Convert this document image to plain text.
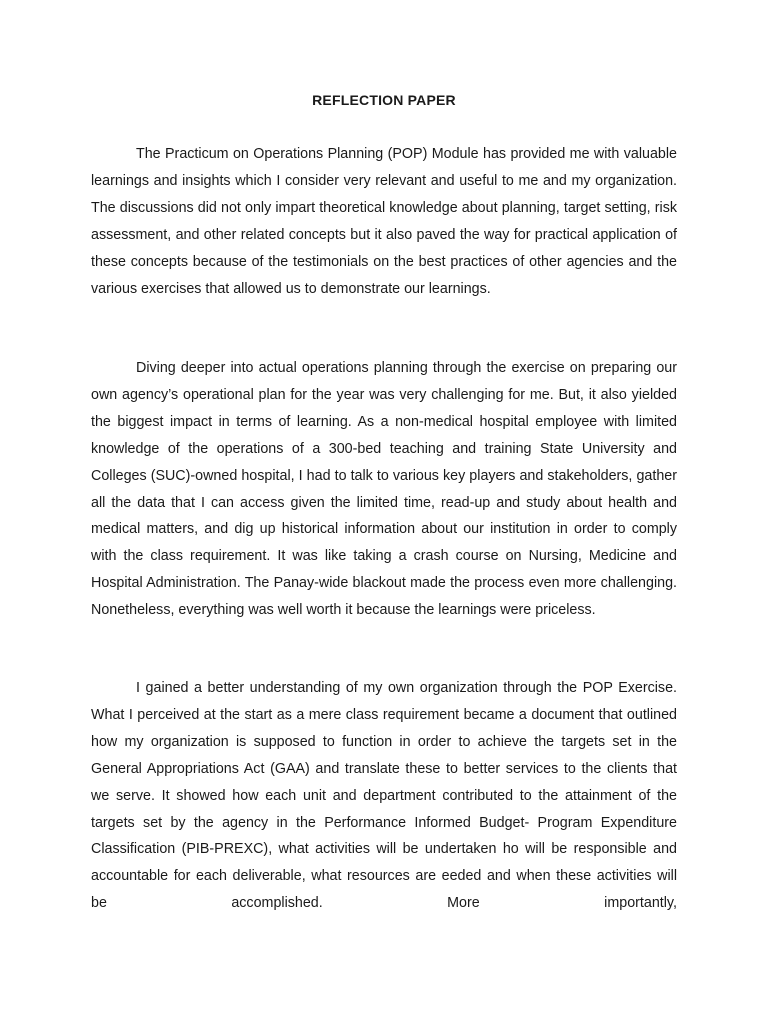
REFLECTION PAPER

The Practicum on Operations Planning (POP) Module has provided me with valuable learnings and insights which I consider very relevant and useful to me and my organization. The discussions did not only impart theoretical knowledge about planning, target setting, risk assessment, and other related concepts but it also paved the way for practical application of these concepts because of the testimonials on the best practices of other agencies and the various exercises that allowed us to demonstrate our learnings.

Diving deeper into actual operations planning through the exercise on preparing our own agency’s operational plan for the year was very challenging for me. But, it also yielded the biggest impact in terms of learning. As a non-medical hospital employee with limited knowledge of the operations of a 300-bed teaching and training State University and Colleges (SUC)-owned hospital, I had to talk to various key players and stakeholders, gather all the data that I can access given the limited time, read-up and study about health and medical matters, and dig up historical information about our institution in order to comply with the class requirement. It was like taking a crash course on Nursing, Medicine and Hospital Administration. The Panay-wide blackout made the process even more challenging. Nonetheless, everything was well worth it because the learnings were priceless.

I gained a better understanding of my own organization through the POP Exercise. What I perceived at the start as a mere class requirement became a document that outlined how my organization is supposed to function in order to achieve the targets set in the General Appropriations Act (GAA) and translate these to better services to the clients that we serve. It showed how each unit and department contributed to the attainment of the targets set by the agency in the Performance Informed Budget- Program Expenditure Classification (PIB-PREXC), what activities will be undertaken ho will be responsible and accountable for each deliverable, what resources are eeded and when these activities will be accomplished. More importantly,
